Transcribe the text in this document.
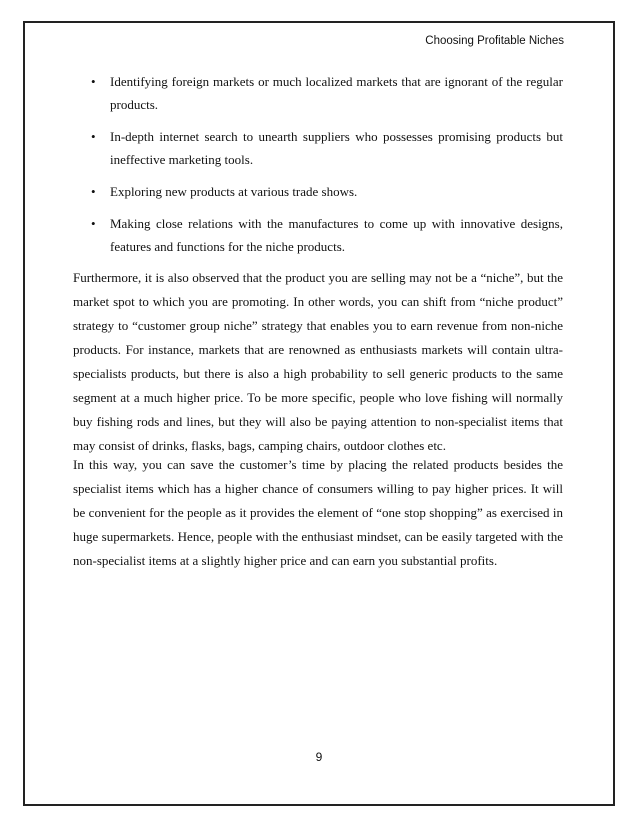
Choosing Profitable Niches
• Identifying foreign markets or much localized markets that are ignorant of the regular products.
• In-depth internet search to unearth suppliers who possesses promising products but ineffective marketing tools.
• Exploring new products at various trade shows.
• Making close relations with the manufactures to come up with innovative designs, features and functions for the niche products.

Furthermore, it is also observed that the product you are selling may not be a “niche”, but the market spot to which you are promoting. In other words, you can shift from “niche product” strategy to “customer group niche” strategy that enables you to earn revenue from non-niche products. For instance, markets that are renowned as enthusiasts markets will contain ultra-specialists products, but there is also a high probability to sell generic products to the same segment at a much higher price. To be more specific, people who love fishing will normally buy fishing rods and lines, but they will also be paying attention to non-specialist items that may consist of drinks, flasks, bags, camping chairs, outdoor clothes etc.

In this way, you can save the customer’s time by placing the related products besides the specialist items which has a higher chance of consumers willing to pay higher prices. It will be convenient for the people as it provides the element of “one stop shopping” as exercised in huge supermarkets. Hence, people with the enthusiast mindset, can be easily targeted with the non-specialist items at a slightly higher price and can earn you substantial profits.

9
